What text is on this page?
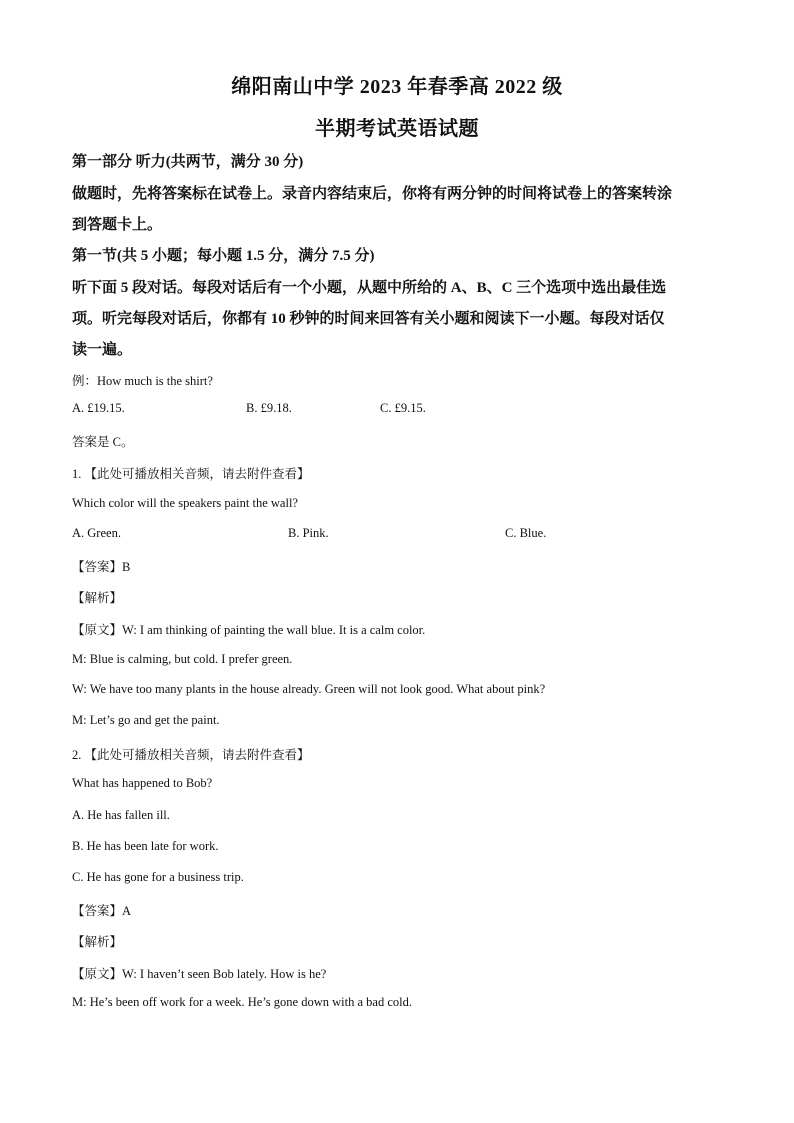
绵阳南山中学 2023 年春季高 2022 级
半期考试英语试题
第一部分 听力(共两节，满分 30 分)
做题时，先将答案标在试卷上。录音内容结束后，你将有两分钟的时间将试卷上的答案转涂
到答题卡上。
第一节(共 5 小题；每小题 1.5 分，满分 7.5 分)
听下面 5 段对话。每段对话后有一个小题，从题中所给的 A、B、C 三个选项中选出最佳选
项。听完每段对话后，你都有 10 秒钟的时间来回答有关小题和阅读下一小题。每段对话仅
读一遍。
例：How much is the shirt?
A. £19.15.	B. £9.18.	C. £9.15.
答案是 C。
1. 【此处可播放相关音频，请去附件查看】
Which color will the speakers paint the wall?
A. Green.	B. Pink.	C. Blue.
【答案】B
【解析】
【原文】W: I am thinking of painting the wall blue. It is a calm color.
M: Blue is calming, but cold. I prefer green.
W: We have too many plants in the house already. Green will not look good. What about pink?
M: Let’s go and get the paint.
2. 【此处可播放相关音频，请去附件查看】
What has happened to Bob?
A. He has fallen ill.
B. He has been late for work.
C. He has gone for a business trip.
【答案】A
【解析】
【原文】W: I haven’t seen Bob lately. How is he?
M: He’s been off work for a week. He’s gone down with a bad cold.
